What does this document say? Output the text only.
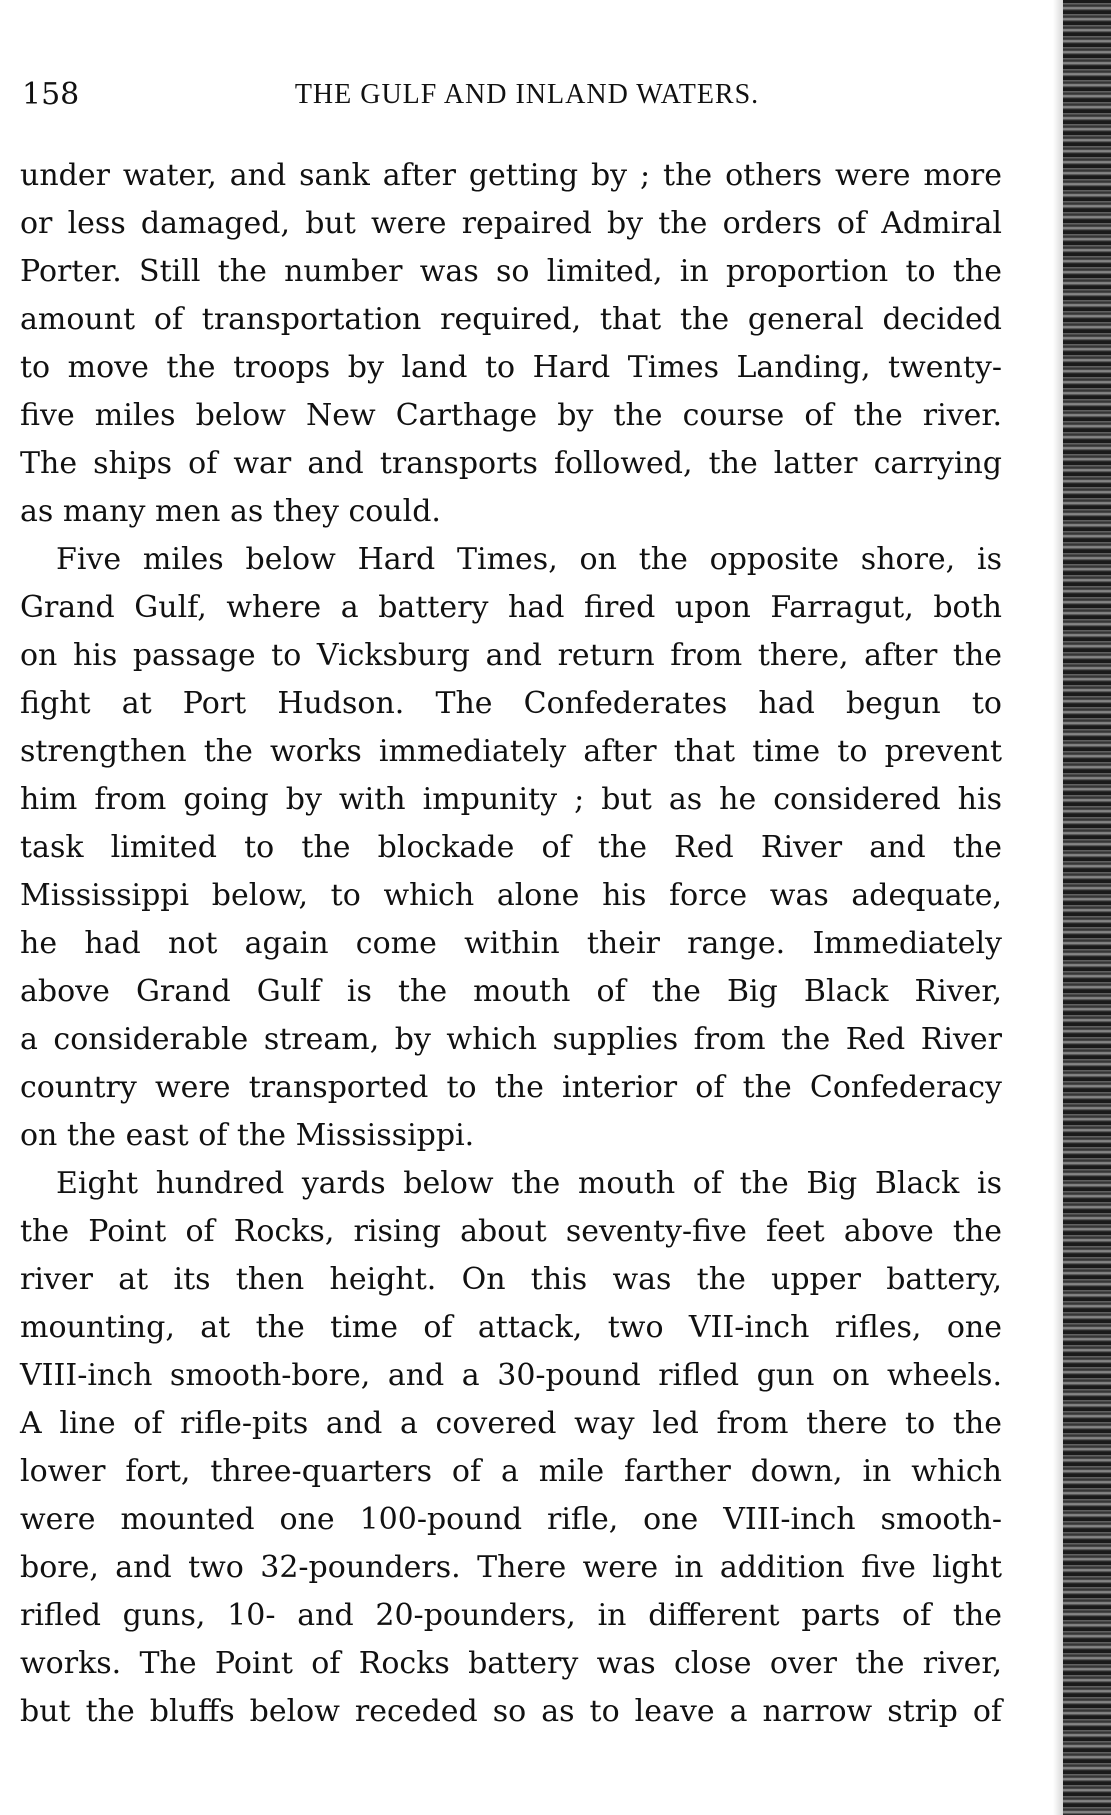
158	THE GULF AND INLAND WATERS.
under water, and sank after getting by ; the others were more
or less damaged, but were repaired by the orders of Admiral
Porter. Still the number was so limited, in proportion to the
amount of transportation required, that the general decided
to move the troops by land to Hard Times Landing, twenty-
five miles below New Carthage by the course of the river.
The ships of war and transports followed, the latter carrying
as many men as they could.
Five miles below Hard Times, on the opposite shore, is
Grand Gulf, where a battery had fired upon Farragut, both
on his passage to Vicksburg and return from there, after the
fight at Port Hudson. The Confederates had begun to
strengthen the works immediately after that time to prevent
him from going by with impunity ; but as he considered his
task limited to the blockade of the Red River and the
Mississippi below, to which alone his force was adequate,
he had not again come within their range. Immediately
above Grand Gulf is the mouth of the Big Black River,
a considerable stream, by which supplies from the Red River
country were transported to the interior of the Confederacy
on the east of the Mississippi.
Eight hundred yards below the mouth of the Big Black is
the Point of Rocks, rising about seventy-five feet above the
river at its then height. On this was the upper battery,
mounting, at the time of attack, two VII-inch rifles, one
VIII-inch smooth-bore, and a 30-pound rifled gun on wheels.
A line of rifle-pits and a covered way led from there to the
lower fort, three-quarters of a mile farther down, in which
were mounted one 100-pound rifle, one VIII-inch smooth-
bore, and two 32-pounders. There were in addition five light
rifled guns, 10- and 20-pounders, in different parts of the
works. The Point of Rocks battery was close over the river,
but the bluffs below receded so as to leave a narrow strip of
